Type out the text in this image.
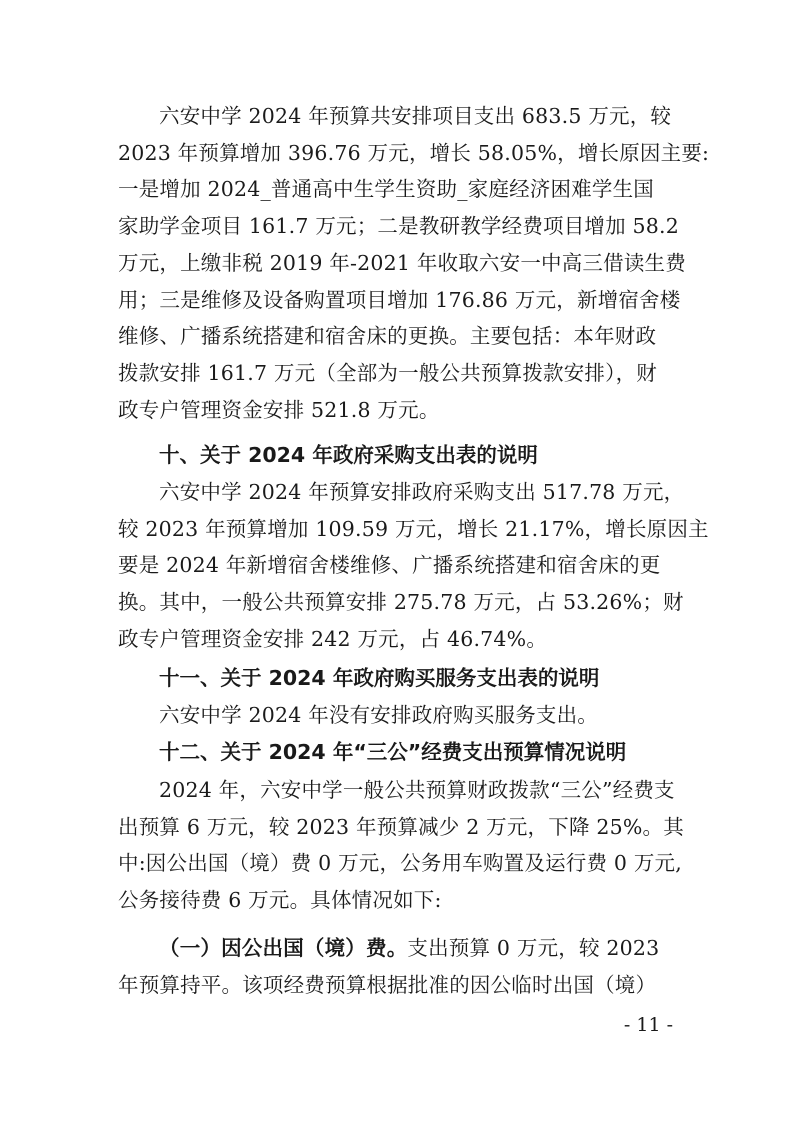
六安中学 2024 年预算共安排项目支出 683.5 万元，较
2023 年预算增加 396.76 万元，增长 58.05%，增长原因主要:
一是增加 2024_普通高中生学生资助_家庭经济困难学生国
家助学金项目 161.7 万元；二是教研教学经费项目增加 58.2
万元，上缴非税 2019 年-2021 年收取六安一中高三借读生费
用；三是维修及设备购置项目增加 176.86 万元，新增宿舍楼
维修、广播系统搭建和宿舍床的更换。主要包括：本年财政
拨款安排 161.7 万元（全部为一般公共预算拨款安排），财
政专户管理资金安排 521.8 万元。

十、关于 2024 年政府采购支出表的说明

六安中学 2024 年预算安排政府采购支出 517.78 万元，
较 2023 年预算增加 109.59 万元，增长 21.17%，增长原因主
要是 2024 年新增宿舍楼维修、广播系统搭建和宿舍床的更
换。其中，一般公共预算安排 275.78 万元，占 53.26%；财
政专户管理资金安排 242 万元，占 46.74%。

十一、关于 2024 年政府购买服务支出表的说明

六安中学 2024 年没有安排政府购买服务支出。

十二、关于 2024 年“三公”经费支出预算情况说明

2024 年，六安中学一般公共预算财政拨款“三公”经费支
出预算 6 万元，较 2023 年预算减少 2 万元，下降 25%。其
中:因公出国（境）费 0 万元，公务用车购置及运行费 0 万元,
公务接待费 6 万元。具体情况如下:
（一）因公出国（境）费。支出预算 0 万元，较 2023
年预算持平。该项经费预算根据批准的因公临时出国（境）
- 11 -
